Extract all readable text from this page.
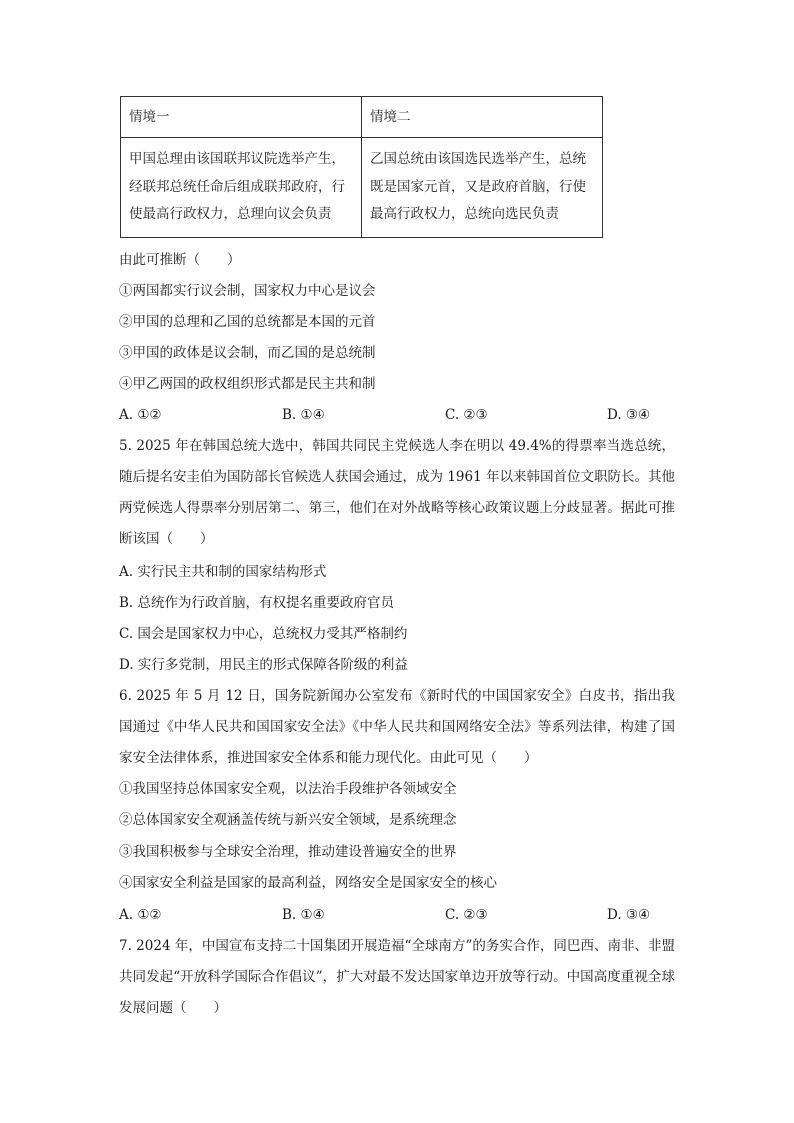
情境一	情境二
甲国总理由该国联邦议院选举产生，经联邦总统任命后组成联邦政府，行使最高行政权力，总理向议会负责	乙国总统由该国选民选举产生，总统既是国家元首，又是政府首脑，行使最高行政权力，总统向选民负责
由此可推断（　　）
①两国都实行议会制，国家权力中心是议会
②甲国的总理和乙国的总统都是本国的元首
③甲国的政体是议会制，而乙国的是总统制
④甲乙两国的政权组织形式都是民主共和制
A. ①②	B. ①④	C. ②③	D. ③④
5. 2025 年在韩国总统大选中，韩国共同民主党候选人李在明以 49.4%的得票率当选总统，随后提名安圭伯为国防部长官候选人获国会通过，成为 1961 年以来韩国首位文职防长。其他两党候选人得票率分别居第二、第三，他们在对外战略等核心政策议题上分歧显著。据此可推断该国（　　）
A. 实行民主共和制的国家结构形式
B. 总统作为行政首脑，有权提名重要政府官员
C. 国会是国家权力中心，总统权力受其严格制约
D. 实行多党制，用民主的形式保障各阶级的利益
6. 2025 年 5 月 12 日，国务院新闻办公室发布《新时代的中国国家安全》白皮书，指出我国通过《中华人民共和国国家安全法》《中华人民共和国网络安全法》等系列法律，构建了国家安全法律体系，推进国家安全体系和能力现代化。由此可见（　　）
①我国坚持总体国家安全观，以法治手段维护各领域安全
②总体国家安全观涵盖传统与新兴安全领域，是系统理念
③我国积极参与全球安全治理，推动建设普遍安全的世界
④国家安全利益是国家的最高利益，网络安全是国家安全的核心
A. ①②	B. ①④	C. ②③	D. ③④
7. 2024 年，中国宣布支持二十国集团开展造福“全球南方”的务实合作，同巴西、南非、非盟共同发起“开放科学国际合作倡议”，扩大对最不发达国家单边开放等行动。中国高度重视全球发展问题（　　）
